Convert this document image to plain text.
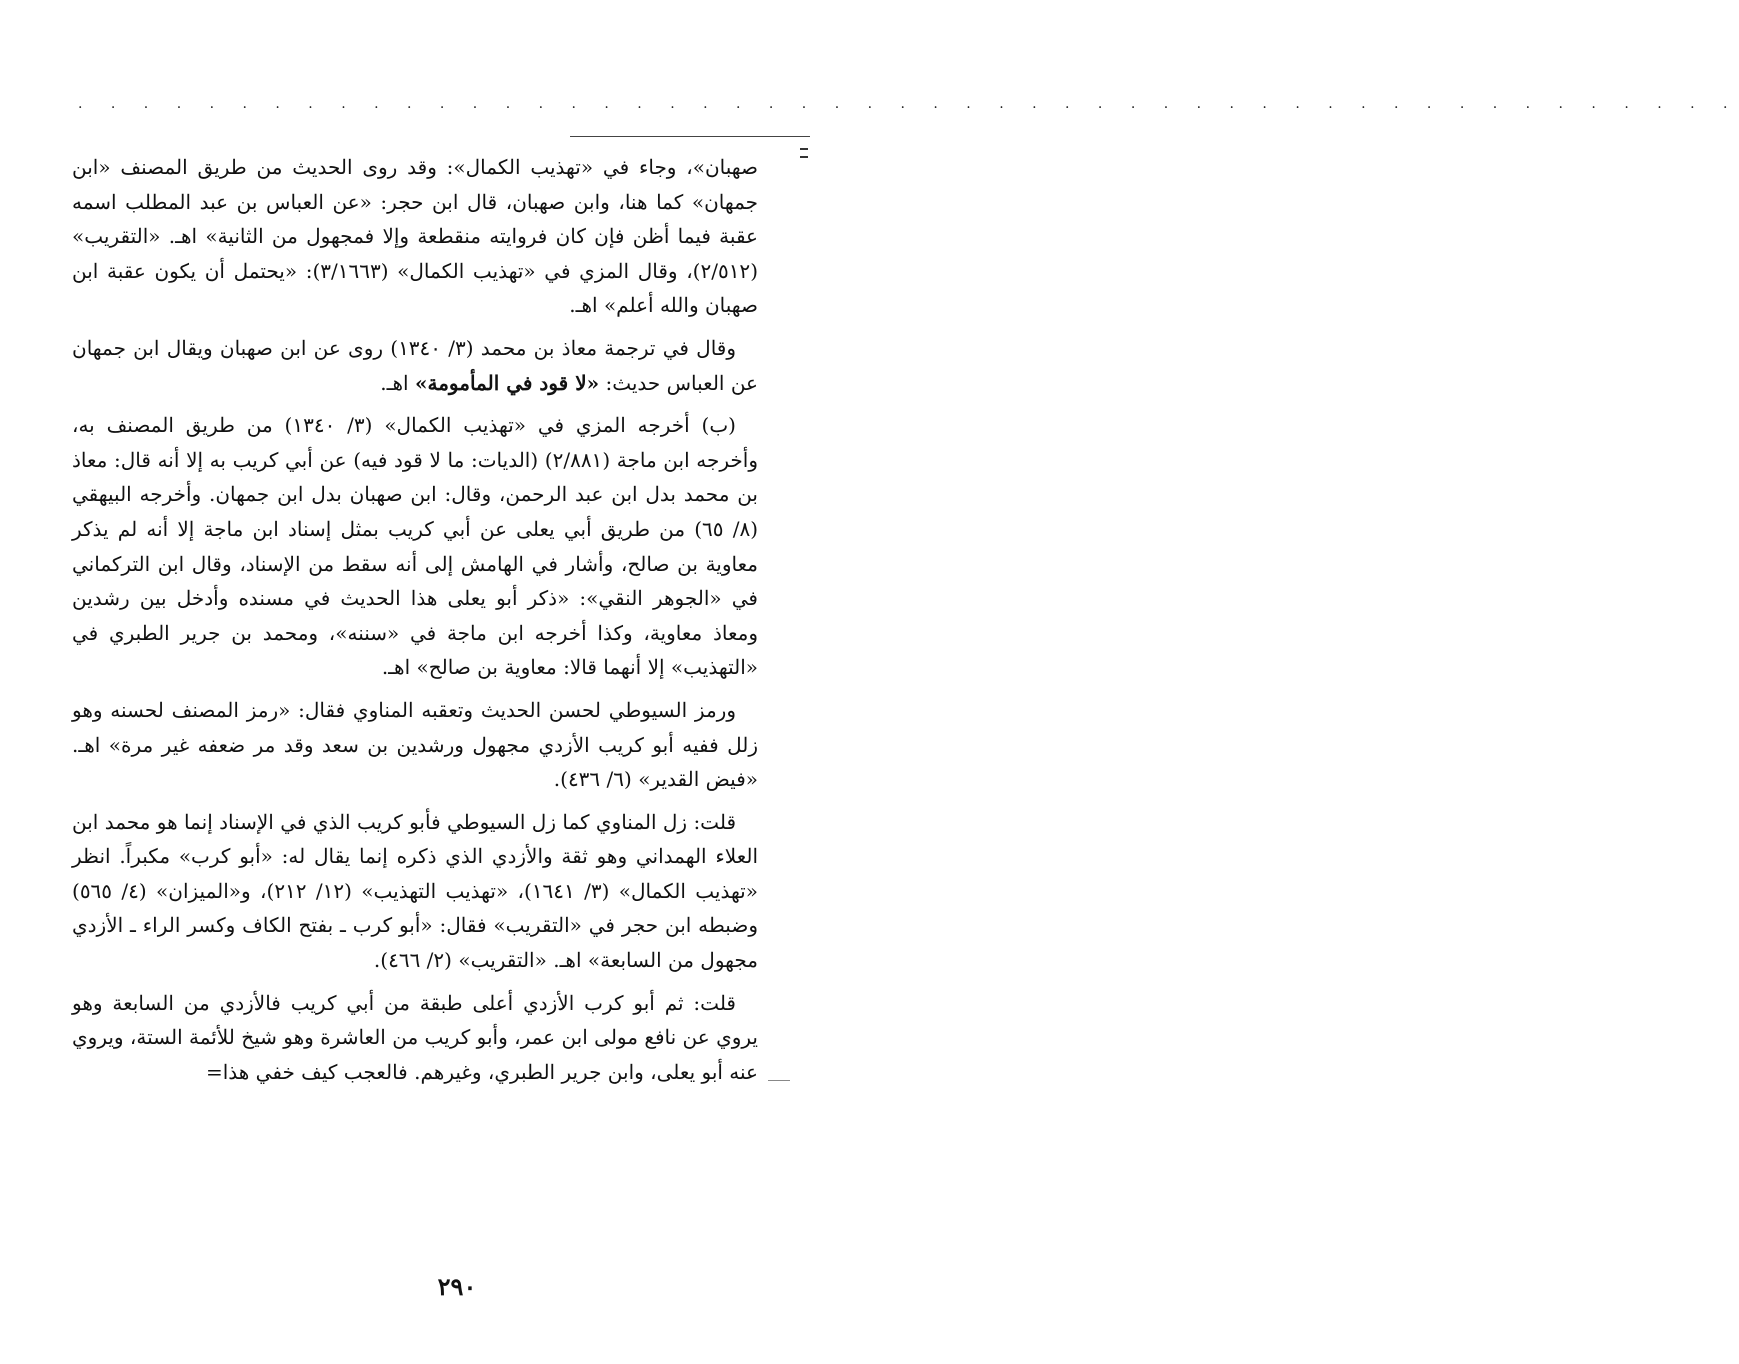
. . . . . . . . . . . . . . . . . . . . . . . . . . . . . . . . . . . . . . . . . . . . . . . . . . .

صهبان»، وجاء في «تهذيب الكمال»: وقد روى الحديث من طريق المصنف «ابن جمهان» كما هنا، وابن صهبان، قال ابن حجر: «عن العباس بن عبد المطلب اسمه عقبة فيما أظن فإن كان فروايته منقطعة وإلا فمجهول من الثانية» اهـ. «التقريب» (٢/٥١٢)، وقال المزي في «تهذيب الكمال» (٣/١٦٦٣): «يحتمل أن يكون عقبة ابن صهبان والله أعلم» اهـ.

وقال في ترجمة معاذ بن محمد (٣/ ١٣٤٠) روى عن ابن صهبان ويقال ابن جمهان عن العباس حديث: «لا قود في المأمومة» اهـ.

(ب) أخرجه المزي في «تهذيب الكمال» (٣/ ١٣٤٠) من طريق المصنف به، وأخرجه ابن ماجة (٢/٨٨١) (الديات: ما لا قود فيه) عن أبي كريب به إلا أنه قال: معاذ بن محمد بدل ابن عبد الرحمن، وقال: ابن صهبان بدل ابن جمهان. وأخرجه البيهقي (٨/ ٦٥) من طريق أبي يعلى عن أبي كريب بمثل إسناد ابن ماجة إلا أنه لم يذكر معاوية بن صالح، وأشار في الهامش إلى أنه سقط من الإسناد، وقال ابن التركماني في «الجوهر النقي»: «ذكر أبو يعلى هذا الحديث في مسنده وأدخل بين رشدين ومعاذ معاوية، وكذا أخرجه ابن ماجة في «سننه»، ومحمد بن جرير الطبري في «التهذيب» إلا أنهما قالا: معاوية بن صالح» اهـ.

ورمز السيوطي لحسن الحديث وتعقبه المناوي فقال: «رمز المصنف لحسنه وهو زلل ففيه أبو كريب الأزدي مجهول ورشدين بن سعد وقد مر ضعفه غير مرة» اهـ. «فيض القدير» (٦/ ٤٣٦).

قلت: زل المناوي كما زل السيوطي فأبو كريب الذي في الإسناد إنما هو محمد ابن العلاء الهمداني وهو ثقة والأزدي الذي ذكره إنما يقال له: «أبو كرب» مكبراً. انظر «تهذيب الكمال» (٣/ ١٦٤١)، «تهذيب التهذيب» (١٢/ ٢١٢)، و«الميزان» (٤/ ٥٦٥) وضبطه ابن حجر في «التقريب» فقال: «أبو كرب ـ بفتح الكاف وكسر الراء ـ الأزدي مجهول من السابعة» اهـ. «التقريب» (٢/ ٤٦٦).

قلت: ثم أبو كرب الأزدي أعلى طبقة من أبي كريب فالأزدي من السابعة وهو يروي عن نافع مولى ابن عمر، وأبو كريب من العاشرة وهو شيخ للأئمة الستة، ويروي عنه أبو يعلى، وابن جرير الطبري، وغيرهم. فالعجب كيف خفي هذا=

٢٩٠
